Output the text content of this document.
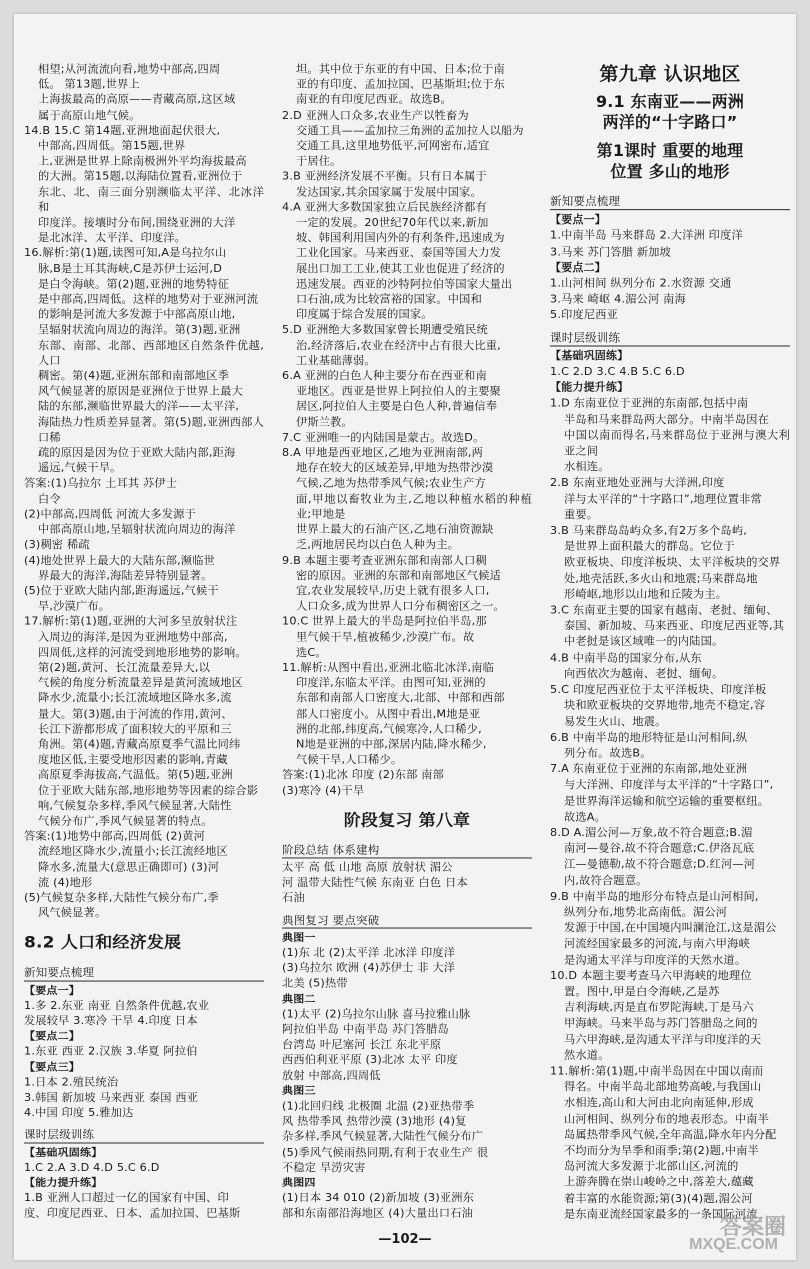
相望;从河流流向看,地势中部高,四周

低。 第13题,世界上

上海拔最高的高原——青藏高原,这区域

属于高原山地气候。

14.B 15.C 第14题,亚洲地面起伏很大,

中部高,四周低。第15题,世界

上,亚洲是世界上除南极洲外平均海拔最高

的大洲。第15题,以海陆位置看,亚洲位于

东北、北、南三面分别濒临太平洋、北冰洋和

印度洋。接壤时分布间,围绕亚洲的大洋

是北冰洋、太平洋、印度洋。

16.解析:第(1)题,读图可知,A是乌拉尔山

脉,B是土耳其海峡,C是苏伊士运河,D

是白令海峡。第(2)题,亚洲的地势特征

是中部高,四周低。这样的地势对于亚洲河流

的影响是河流大多发源于中部高原山地,

呈辐射状流向周边的海洋。第(3)题,亚洲

东部、南部、北部、西部地区自然条件优越,人口

稠密。第(4)题,亚洲东部和南部地区季

风气候显著的原因是亚洲位于世界上最大

陆的东部,濒临世界最大的洋——太平洋,

海陆热力性质差异显著。第(5)题,亚洲西部人口稀

疏的原因是因为位于亚欧大陆内部,距海

遥远,气候干旱。

答案:(1)乌拉尔 土耳其 苏伊士

白令

(2)中部高,四周低 河流大多发源于

中部高原山地,呈辐射状流向周边的海洋

(3)稠密 稀疏

(4)地处世界上最大的大陆东部,濒临世

界最大的海洋,海陆差异特别显著。

(5)位于亚欧大陆内部,距海遥远,气候干

旱,沙漠广布。

17.解析:第(1)题,亚洲的大河多呈放射状注

入周边的海洋,是因为亚洲地势中部高,

四周低,这样的河流受到地形地势的影响。

第(2)题,黄河、长江流量差异大,以

气候的角度分析流量差异是黄河流域地区

降水少,流量小;长江流域地区降水多,流

量大。第(3)题,由于河流的作用,黄河、

长江下游都形成了面积较大的平原和三

角洲。第(4)题,青藏高原夏季气温比同纬

度地区低,主要受地形因素的影响,青藏

高原夏季海拔高,气温低。第(5)题,亚洲

位于亚欧大陆东部,地形地势等因素的综合影

响,气候复杂多样,季风气候显著,大陆性

气候分布广,季风气候显著的特点。

答案:(1)地势中部高,四周低 (2)黄河

流经地区降水少,流量小;长江流经地区

降水多,流量大(意思正确即可) (3)河

流 (4)地形

(5)气候复杂多样,大陆性气候分布广,季

风气候显著。

8.2 人口和经济发展
新知要点梳理

【要点一】

1.多 2.东亚 南亚 自然条件优越,农业

发展较早 3.寒冷 干旱 4.印度 日本

【要点二】

1.东亚 西亚 2.汉族 3.华夏 阿拉伯

【要点三】

1.日本 2.殖民统治

3.韩国 新加坡 马来西亚 泰国 西亚

4.中国 印度 5.雅加达

课时层级训练

【基础巩固练】

1.C 2.A 3.D 4.D 5.C 6.D

【能力提升练】

1.B 亚洲人口超过一亿的国家有中国、印

度、印度尼西亚、日本、孟加拉国、巴基斯

坦。其中位于东亚的有中国、日本;位于南

亚的有印度、孟加拉国、巴基斯坦;位于东

南亚的有印度尼西亚。故选B。

2.D 亚洲人口众多,农业生产以牲畜为

交通工具——孟加拉三角洲的孟加拉人以船为

交通工具,这里地势低平,河网密布,适宜

于居住。

3.B 亚洲经济发展不平衡。只有日本属于

发达国家,其余国家属于发展中国家。

4.A 亚洲大多数国家独立后民族经济都有

一定的发展。20世纪70年代以来,新加

坡、韩国利用国内外的有利条件,迅速成为

工业化国家。马来西亚、泰国等国大力发

展出口加工工业,使其工业也促进了经济的

迅速发展。西亚的沙特阿拉伯等国家大量出

口石油,成为比较富裕的国家。中国和

印度属于综合发展的国家。

5.D 亚洲绝大多数国家曾长期遭受殖民统

治,经济落后,农业在经济中占有很大比重,

工业基础薄弱。

6.A 亚洲的白色人种主要分布在西亚和南

亚地区。西亚是世界上阿拉伯人的主要聚

居区,阿拉伯人主要是白色人种,普遍信奉

伊斯兰教。

7.C 亚洲唯一的内陆国是蒙古。故选D。

8.A 甲地是西亚地区,乙地为亚洲南部,两

地存在较大的区域差异,甲地为热带沙漠

气候,乙地为热带季风气候;农业生产方

面,甲地以畜牧业为主,乙地以种植水稻的种植业;甲地是

世界上最大的石油产区,乙地石油资源缺

乏,两地居民均以白色人种为主。

9.B 本题主要考查亚洲东部和南部人口稠

密的原因。亚洲的东部和南部地区气候适

宜,农业发展较早,历史上就有很多人口,

人口众多,成为世界人口分布稠密区之一。

10.C 世界上最大的半岛是阿拉伯半岛,那

里气候干旱,植被稀少,沙漠广布。故

选C。

11.解析:从图中看出,亚洲北临北冰洋,南临

印度洋,东临太平洋。由图可知,亚洲的

东部和南部人口密度大,北部、中部和西部

部人口密度小。从图中看出,M地是亚

洲的北部,纬度高,气候寒冷,人口稀少,

N地是亚洲的中部,深居内陆,降水稀少,

气候干旱,人口稀少。

答案:(1)北冰 印度 (2)东部 南部

(3)寒冷 (4)干旱

阶段复习 第八章
阶段总结 体系建构

太平 高 低 山地 高原 放射状 湄公

河 温带大陆性气候 东南亚 白色 日本

石油

典图复习 要点突破

典图一

(1)东 北 (2)太平洋 北冰洋 印度洋

(3)乌拉尔 欧洲 (4)苏伊士 非 大洋

北美 (5)热带

典图二

(1)太平 (2)乌拉尔山脉 喜马拉雅山脉

阿拉伯半岛 中南半岛 苏门答腊岛

台湾岛 叶尼塞河 长江 东北平原

西西伯利亚平原 (3)北冰 太平 印度

放射 中部高,四周低

典图三

(1)北回归线 北极圈 北温 (2)亚热带季

风 热带季风 热带沙漠 (3)地形 (4)复

杂多样,季风气候显著,大陆性气候分布广

(5)季风气候雨热同期,有利于农业生产 很

不稳定 旱涝灾害

典图四

(1)日本 34 010 (2)新加坡 (3)亚洲东

部和东南部沿海地区 (4)大量出口石油

第九章 认识地区
9.1 东南亚——两洲
两洋的“十字路口”
第1课时 重要的地理
位置 多山的地形
新知要点梳理

【要点一】

1.中南半岛 马来群岛 2.大洋洲 印度洋

3.马来 苏门答腊 新加坡

【要点二】

1.山河相间 纵列分布 2.水资源 交通

3.马来 崎岖 4.湄公河 南海

5.印度尼西亚

课时层级训练

【基础巩固练】

1.C 2.D 3.C 4.B 5.C 6.D

【能力提升练】

1.D 东南亚位于亚洲的东南部,包括中南

半岛和马来群岛两大部分。中南半岛因在

中国以南而得名,马来群岛位于亚洲与澳大利亚之间

水相连。

2.B 东南亚地处亚洲与大洋洲,印度

洋与太平洋的“十字路口”,地理位置非常

重要。

3.B 马来群岛岛屿众多,有2万多个岛屿,

是世界上面积最大的群岛。它位于

欧亚板块、印度洋板块、太平洋板块的交界

处,地壳活跃,多火山和地震;马来群岛地

形崎岖,地形以山地和丘陵为主。

3.C 东南亚主要的国家有越南、老挝、缅甸、

泰国、新加坡、马来西亚、印度尼西亚等,其

中老挝是该区域唯一的内陆国。

4.B 中南半岛的国家分布,从东

向西依次为越南、老挝、缅甸。

5.C 印度尼西亚位于太平洋板块、印度洋板

块和欧亚板块的交界地带,地壳不稳定,容

易发生火山、地震。

6.B 中南半岛的地形特征是山河相间,纵

列分布。故选B。

7.A 东南亚位于亚洲的东南部,地处亚洲

与大洋洲、印度洋与太平洋的“十字路口”,

是世界海洋运输和航空运输的重要枢纽。

故选A。

8.D A.湄公河—万象,故不符合题意;B.湄

南河—曼谷,故不符合题意;C.伊洛瓦底

江—曼德勒,故不符合题意;D.红河—河

内,故符合题意。

9.B 中南半岛的地形分布特点是山河相间,

纵列分布,地势北高南低。湄公河

发源于中国,在中国境内叫澜沧江,这是湄公

河流经国家最多的河流,与南六甲海峡

是沟通太平洋与印度洋的天然水道。

10.D 本题主要考查马六甲海峡的地理位

置。图中,甲是白令海峡,乙是苏

吉利海峡,丙是直布罗陀海峡,丁是马六

甲海峡。马来半岛与苏门答腊岛之间的

马六甲海峡,是沟通太平洋与印度洋的天

然水道。

11.解析:第(1)题,中南半岛因在中国以南而

得名。中南半岛北部地势高峻,与我国山

水相连,高山和大河由北向南延伸,形成

山河相间、纵列分布的地表形态。中南半

岛属热带季风气候,全年高温,降水年内分配

不均而分为旱季和雨季;第(2)题,中南半

岛河流大多发源于北部山区,河流的

上游奔腾在崇山峻岭之中,落差大,蕴藏

着丰富的水能资源;第(3)(4)题,湄公河

是东南亚流经国家最多的一条国际河流

—102—
答案圈
MXQE.COM
